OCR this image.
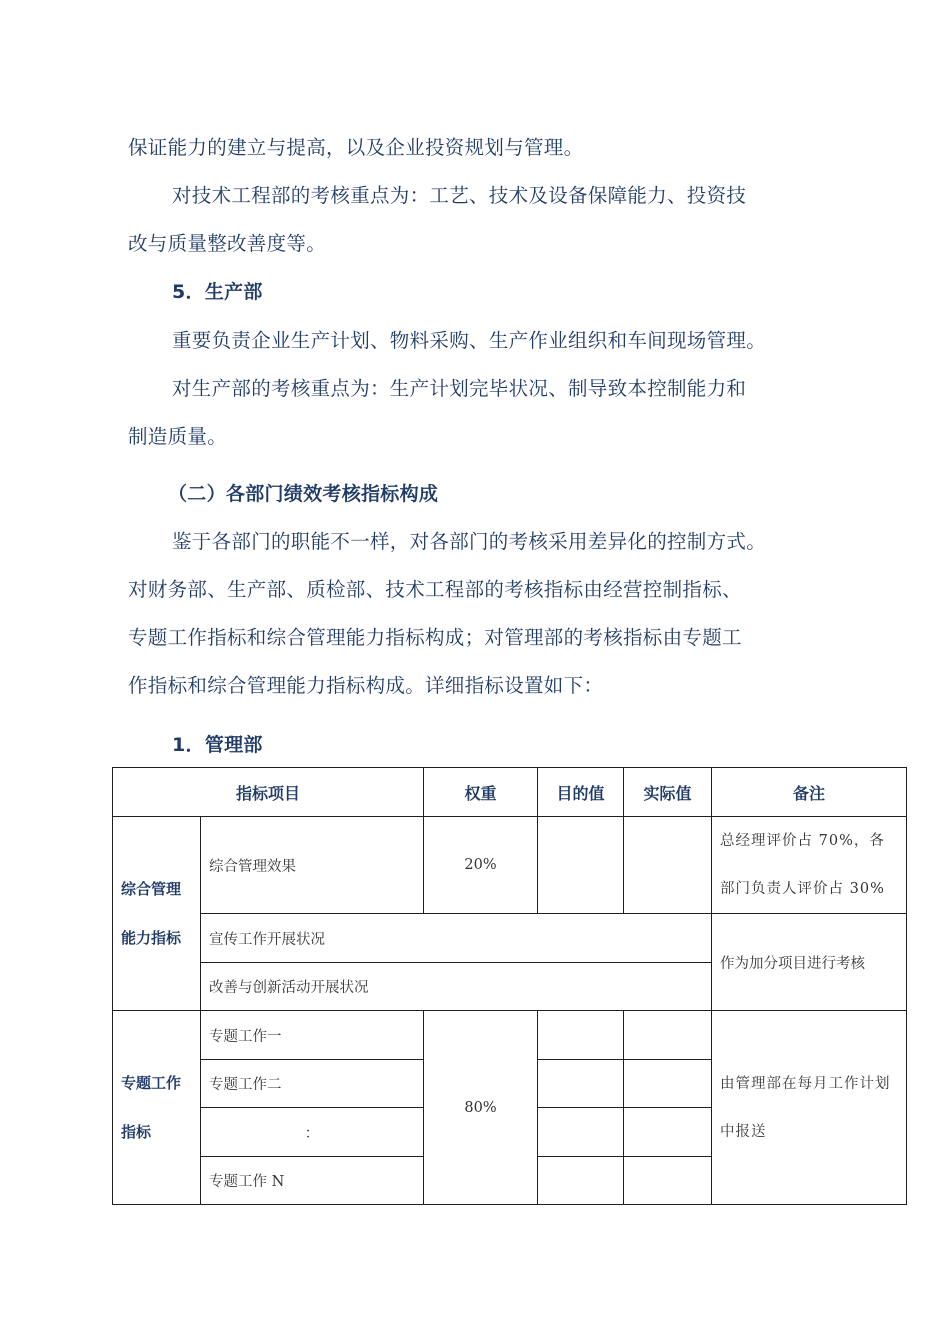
保证能力的建立与提高，以及企业投资规划与管理。
对技术工程部的考核重点为：工艺、技术及设备保障能力、投资技
改与质量整改善度等。
5．生产部
重要负责企业生产计划、物料采购、生产作业组织和车间现场管理。
对生产部的考核重点为：生产计划完毕状况、制导致本控制能力和
制造质量。
（二）各部门绩效考核指标构成
鉴于各部门的职能不一样，对各部门的考核采用差异化的控制方式。
对财务部、生产部、质检部、技术工程部的考核指标由经营控制指标、
专题工作指标和综合管理能力指标构成；对管理部的考核指标由专题工
作指标和综合管理能力指标构成。详细指标设置如下：
1．管理部
指标项目		权重	目的值	实际值	备注
综合管理能力指标	综合管理效果	20%			总经理评价占 70%，各部门负责人评价占 30%
	宣传工作开展状况				作为加分项目进行考核
	改善与创新活动开展状况				
专题工作指标	专题工作一	80%			由管理部在每月工作计划中报送
	专题工作二				
	：				
	专题工作 N				
